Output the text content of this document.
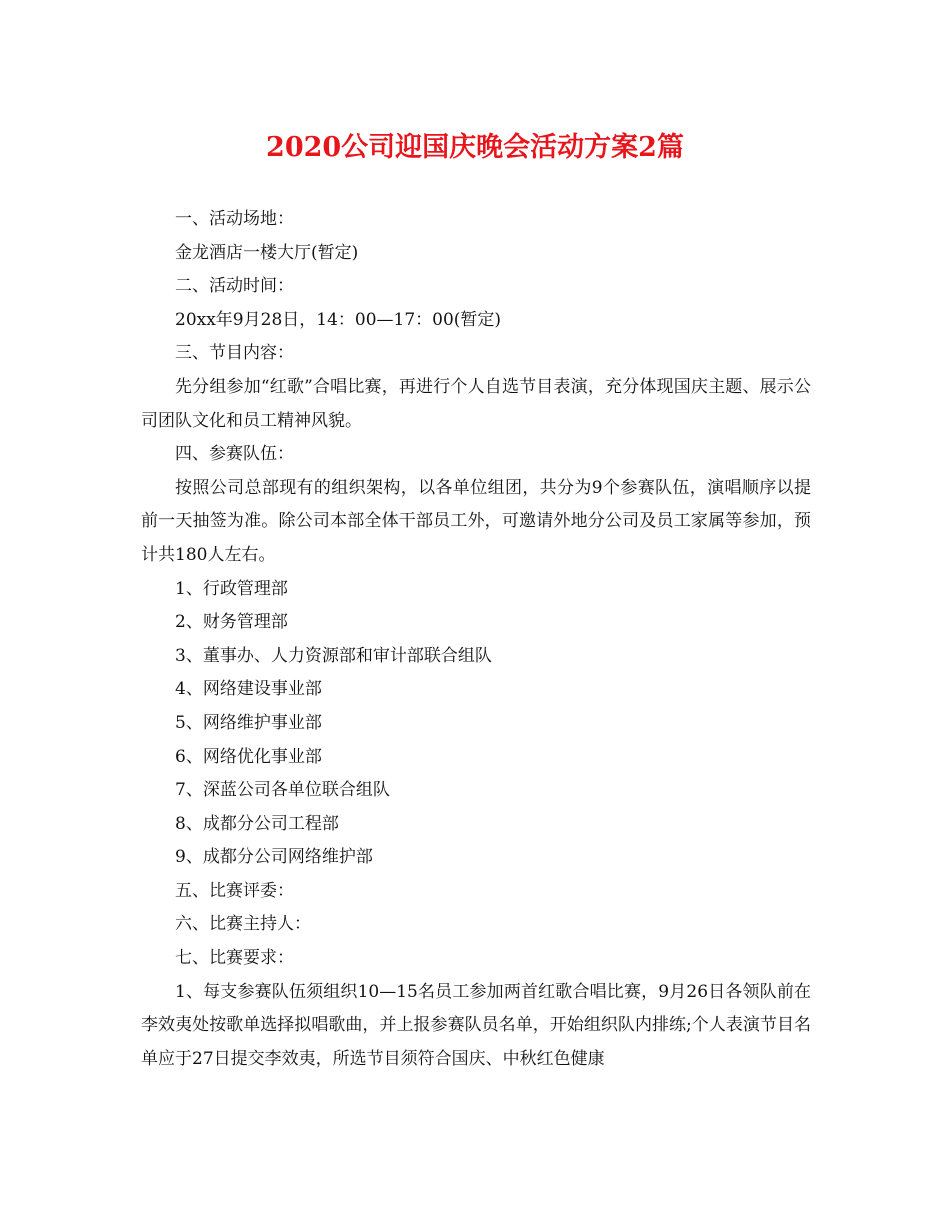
2020公司迎国庆晚会活动方案2篇

一、活动场地：

金龙酒店一楼大厅(暂定)

二、活动时间：

20xx年9月28日，14：00—17：00(暂定)

三、节目内容：

先分组参加“红歌”合唱比赛，再进行个人自选节目表演，充分体现国庆主题、展示公司团队文化和员工精神风貌。

四、参赛队伍：

按照公司总部现有的组织架构，以各单位组团，共分为9个参赛队伍，演唱顺序以提前一天抽签为准。除公司本部全体干部员工外，可邀请外地分公司及员工家属等参加，预计共180人左右。

1、行政管理部

2、财务管理部

3、董事办、人力资源部和审计部联合组队

4、网络建设事业部

5、网络维护事业部

6、网络优化事业部

7、深蓝公司各单位联合组队

8、成都分公司工程部

9、成都分公司网络维护部

五、比赛评委：

六、比赛主持人：

七、比赛要求：

1、每支参赛队伍须组织10—15名员工参加两首红歌合唱比赛，9月26日各领队前在李效夷处按歌单选择拟唱歌曲，并上报参赛队员名单，开始组织队内排练;个人表演节目名单应于27日提交李效夷，所选节目须符合国庆、中秋红色健康
